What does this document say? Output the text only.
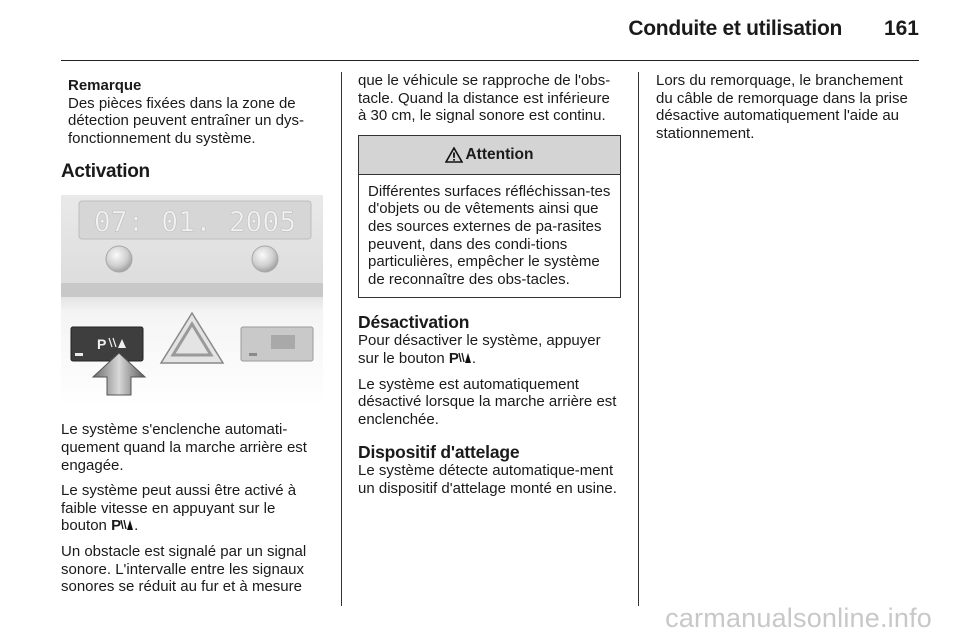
Conduite et utilisation 161
Remarque
Des pièces fixées dans la zone de détection peuvent entraîner un dys-fonctionnement du système.
Activation
07: 01. 2005
P

Le système s'enclenche automati-quement quand la marche arrière est engagée.

Le système peut aussi être activé à faible vitesse en appuyant sur le bouton P .

Un obstacle est signalé par un signal sonore. L'intervalle entre les signaux sonores se réduit au fur et à mesure

que le véhicule se rapproche de l'obs-tacle. Quand la distance est inférieure à 30 cm, le signal sonore est continu.

Attention

Différentes surfaces réfléchissan-tes d'objets ou de vêtements ainsi que des sources externes de pa-rasites peuvent, dans des condi-tions particulières, empêcher le système de reconnaître des obs-tacles.

Désactivation

Pour désactiver le système, appuyer sur le bouton P .

Le système est automatiquement désactivé lorsque la marche arrière est enclenchée.

Dispositif d'attelage

Le système détecte automatique-ment un dispositif d'attelage monté en usine.

Lors du remorquage, le branchement du câble de remorquage dans la prise désactive automatiquement l'aide au stationnement.

carmanualsonline.info
